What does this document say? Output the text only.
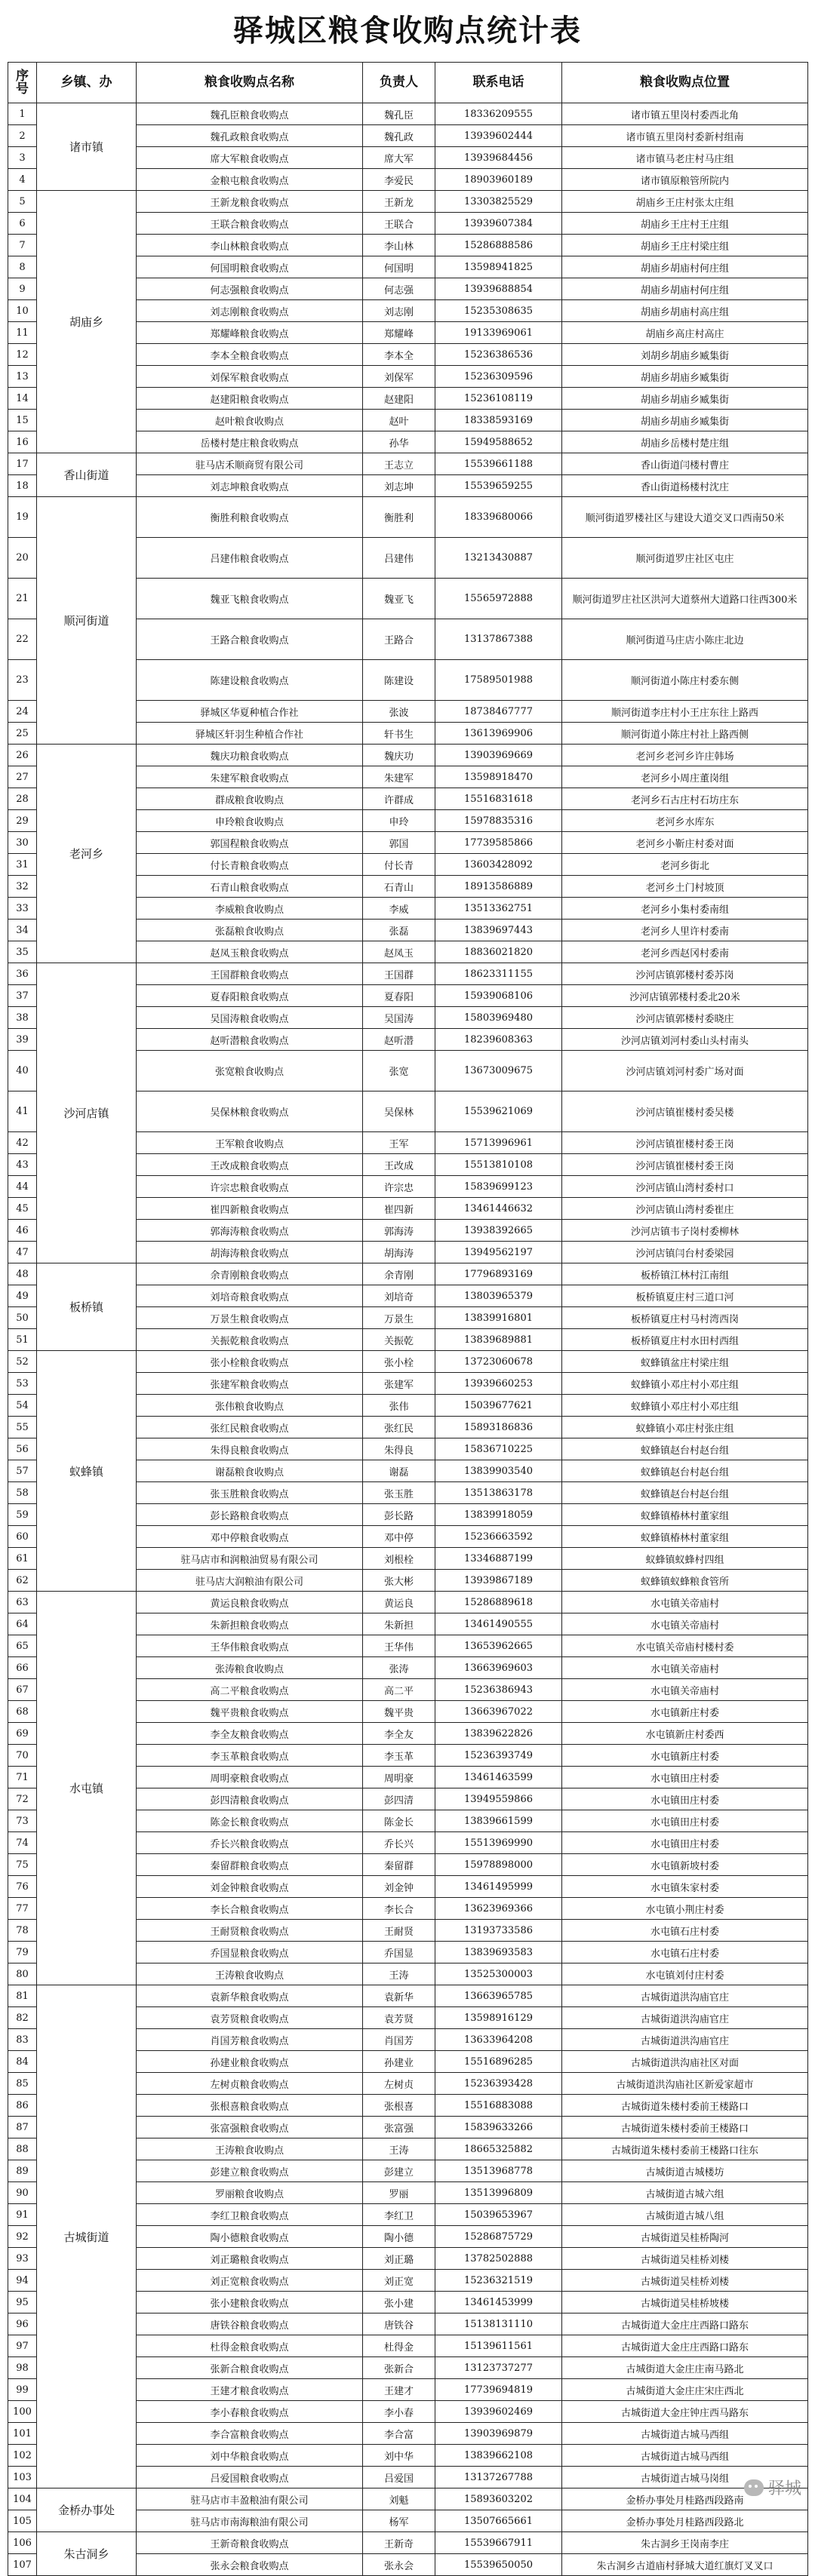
驿城区粮食收购点统计表
序号	乡镇、办	粮食收购点名称	负责人	联系电话	粮食收购点位置
1	诸市镇	魏孔臣粮食收购点	魏孔臣	18336209555	诸市镇五里岗村委西北角
2		魏孔政粮食收购点	魏孔政	13939602444	诸市镇五里岗村委新村组南
3		席大军粮食收购点	席大军	13939684456	诸市镇马老庄村马庄组
4		金粮屯粮食收购点	李爱民	18903960189	诸市镇原粮管所院内
5	胡庙乡	王新龙粮食收购点	王新龙	13303825529	胡庙乡王庄村张太庄组
6		王联合粮食收购点	王联合	13939607384	胡庙乡王庄村王庄组
7		李山林粮食收购点	李山林	15286888586	胡庙乡王庄村梁庄组
8		何国明粮食收购点	何国明	13598941825	胡庙乡胡庙村何庄组
9		何志强粮食收购点	何志强	13939688854	胡庙乡胡庙村何庄组
10		刘志刚粮食收购点	刘志刚	15235308635	胡庙乡胡庙村高庄组
11		郑耀峰粮食收购点	郑耀峰	19133969061	胡庙乡高庄村高庄
12		李本全粮食收购点	李本全	15236386536	刘胡乡胡庙乡臧集街
13		刘保军粮食收购点	刘保军	15236309596	胡庙乡胡庙乡臧集街
14		赵建阳粮食收购点	赵建阳	15236108119	胡庙乡胡庙乡臧集街
15		赵叶粮食收购点	赵叶	18338593169	胡庙乡胡庙乡臧集街
16		岳楼村楚庄粮食收购点	孙华	15949588652	胡庙乡岳楼村楚庄组
17	香山街道	驻马店禾顺商贸有限公司	王志立	15539661188	香山街道闫楼村曹庄
18		刘志坤粮食收购点	刘志坤	15539659255	香山街道杨楼村沈庄
19	顺河街道	衡胜利粮食收购点	衡胜利	18339680066	顺河街道罗楼社区与建设大道交叉口西南50米
20		吕建伟粮食收购点	吕建伟	13213430887	顺河街道罗庄社区屯庄
21		魏亚飞粮食收购点	魏亚飞	15565972888	顺河街道罗庄社区洪河大道蔡州大道路口往西300米
22		王路合粮食收购点	王路合	13137867388	顺河街道马庄店小陈庄北边
23		陈建设粮食收购点	陈建设	17589501988	顺河街道小陈庄村委东侧
24		驿城区华夏种植合作社	张波	18738467777	顺河街道李庄村小王庄东往上路西
25		驿城区轩羽生种植合作社	轩书生	13613969906	顺河街道小陈庄村社上路西侧
26	老河乡	魏庆功粮食收购点	魏庆功	13903969669	老河乡老河乡许庄韩场
27		朱建军粮食收购点	朱建军	13598918470	老河乡小周庄董岗组
28		群成粮食收购点	许群成	15516831618	老河乡石古庄村石坊庄东
29		申玲粮食收购点	申玲	15978835316	老河乡水库东
30		郭国程粮食收购点	郭国	17739585866	老河乡小靳庄村委对面
31		付长青粮食收购点	付长青	13603428092	老河乡街北
32		石青山粮食收购点	石青山	18913586889	老河乡土门村坡顶
33		李威粮食收购点	李威	13513362751	老河乡小集村委南组
34		张磊粮食收购点	张磊	13839697443	老河乡人里许村委南
35		赵凤玉粮食收购点	赵凤玉	18836021820	老河乡西赵冈村委南
36	沙河店镇	王国群粮食收购点	王国群	18623311155	沙河店镇郭楼村委苏岗
37		夏春阳粮食收购点	夏春阳	15939068106	沙河店镇郭楼村委北20米
38		吴国涛粮食收购点	吴国涛	15803969480	沙河店镇郭楼村委晓庄
39		赵听潜粮食收购点	赵听潜	18239608363	沙河店镇刘河村委山头村南头
40		张宽粮食收购点	张宽	13673009675	沙河店镇刘河村委广场对面
41		吴保林粮食收购点	吴保林	15539621069	沙河店镇崔楼村委吴楼
42		王军粮食收购点	王军	15713996961	沙河店镇崔楼村委王岗
43		王改成粮食收购点	王改成	15513810108	沙河店镇崔楼村委王岗
44		许宗忠粮食收购点	许宗忠	15839699123	沙河店镇山湾村委村口
45		崔四新粮食收购点	崔四新	13461446632	沙河店镇山湾村委崔庄
46		郭海涛粮食收购点	郭海涛	13938392665	沙河店镇韦子岗村委柳林
47		胡海涛粮食收购点	胡海涛	13949562197	沙河店镇闫台村委梁园
48	板桥镇	余青刚粮食收购点	余青刚	17796893169	板桥镇江林村江南组
49		刘培奇粮食收购点	刘培奇	13803965379	板桥镇夏庄村三道口河
50		万景生粮食收购点	万景生	13839916801	板桥镇夏庄村马村湾西岗
51		关振乾粮食收购点	关振乾	13839689881	板桥镇夏庄村水田村西组
52	蚁蜂镇	张小栓粮食收购点	张小栓	13723060678	蚁蜂镇盆庄村梁庄组
53		张建军粮食收购点	张建军	13939660253	蚁蜂镇小邓庄村小邓庄组
54		张伟粮食收购点	张伟	15039677621	蚁蜂镇小邓庄村小邓庄组
55		张红民粮食收购点	张红民	15893186836	蚁蜂镇小邓庄村张庄组
56		朱得良粮食收购点	朱得良	15836710225	蚁蜂镇赵台村赵台组
57		谢磊粮食收购点	谢磊	13839903540	蚁蜂镇赵台村赵台组
58		张玉胜粮食收购点	张玉胜	13513863178	蚁蜂镇赵台村赵台组
59		彭长路粮食收购点	彭长路	13839918059	蚁蜂镇椿林村董家组
60		邓中停粮食收购点	邓中停	15236663592	蚁蜂镇椿林村董家组
61		驻马店市和润粮油贸易有限公司	刘根栓	13346887199	蚁蜂镇蚁蜂村四组
62		驻马店大润粮油有限公司	张大彬	13939867189	蚁蜂镇蚁蜂粮食管所
63	水屯镇	黄运良粮食收购点	黄运良	15286889618	水屯镇关帝庙村
64		朱新担粮食收购点	朱新担	13461490555	水屯镇关帝庙村
65		王华伟粮食收购点	王华伟	13653962665	水屯镇关帝庙村楼村委
66		张涛粮食收购点	张涛	13663969603	水屯镇关帝庙村
67		高二平粮食收购点	高二平	15236386943	水屯镇关帝庙村
68		魏平贵粮食收购点	魏平贵	13663967022	水屯镇新庄村委
69		李全友粮食收购点	李全友	13839622826	水屯镇新庄村委西
70		李玉革粮食收购点	李玉革	15236393749	水屯镇新庄村委
71		周明豪粮食收购点	周明豪	13461463599	水屯镇田庄村委
72		彭四清粮食收购点	彭四清	13949559866	水屯镇田庄村委
73		陈金长粮食收购点	陈金长	13839661599	水屯镇田庄村委
74		乔长兴粮食收购点	乔长兴	15513969990	水屯镇田庄村委
75		秦留群粮食收购点	秦留群	15978898000	水屯镇新坡村委
76		刘金钟粮食收购点	刘金钟	13461495999	水屯镇朱家村委
77		李长合粮食收购点	李长合	13623969366	水屯镇小荆庄村委
78		王耐贤粮食收购点	王耐贤	13193733586	水屯镇石庄村委
79		乔国显粮食收购点	乔国显	13839693583	水屯镇石庄村委
80		王涛粮食收购点	王涛	13525300003	水屯镇刘付庄村委
81	古城街道	袁新华粮食收购点	袁新华	13663965785	古城街道洪沟庙官庄
82		袁芳贤粮食收购点	袁芳贤	13598916129	古城街道洪沟庙官庄
83		肖国芳粮食收购点	肖国芳	13633964208	古城街道洪沟庙官庄
84		孙建业粮食收购点	孙建业	15516896285	古城街道洪沟庙社区对面
85		左树贞粮食收购点	左树贞	15236393428	古城街道洪沟庙社区新爱家超市
86		张根喜粮食收购点	张根喜	15516883088	古城街道朱楼村委前王楼路口
87		张富强粮食收购点	张富强	15839633266	古城街道朱楼村委前王楼路口
88		王涛粮食收购点	王涛	18665325882	古城街道朱楼村委前王楼路口往东
89		彭建立粮食收购点	彭建立	13513968778	古城街道古城楼坊
90		罗丽粮食收购点	罗丽	13513996809	古城街道古城六组
91		李红卫粮食收购点	李红卫	15039653967	古城街道古城八组
92		陶小德粮食收购点	陶小德	15286875729	古城街道吴桂桥陶河
93		刘正璐粮食收购点	刘正璐	13782502888	古城街道吴桂桥刘楼
94		刘正宽粮食收购点	刘正宽	15236321519	古城街道吴桂桥刘楼
95		张小建粮食收购点	张小建	13461453999	古城街道吴桂桥坡楼
96		唐铁谷粮食收购点	唐铁谷	15138131110	古城街道大金庄庄西路口路东
97		杜得金粮食收购点	杜得金	15139611561	古城街道大金庄庄西路口路东
98		张新合粮食收购点	张新合	13123737277	古城街道大金庄庄南马路北
99		王建才粮食收购点	王建才	17739694819	古城街道大金庄庄宋庄西北
100		李小春粮食收购点	李小春	13939602469	古城街道大金庄钟庄西马路东
101		李合富粮食收购点	李合富	13903969879	古城街道古城马西组
102		刘中华粮食收购点	刘中华	13839662108	古城街道古城马西组
103		吕爱国粮食收购点	吕爱国	13137267788	古城街道古城马岗组
104	金桥办事处	驻马店市丰盈粮油有限公司	刘魁	15893603202	金桥办事处月桂路西段路南
105		驻马店市南海粮油有限公司	杨军	13507665661	金桥办事处月桂路西段路北
106	朱古洞乡	王新奇粮食收购点	王新奇	15539667911	朱古洞乡王岗南李庄
107		张永会粮食收购点	张永会	15539650050	朱古洞乡古道庙村驿城大道红旗灯叉叉口
驿城
